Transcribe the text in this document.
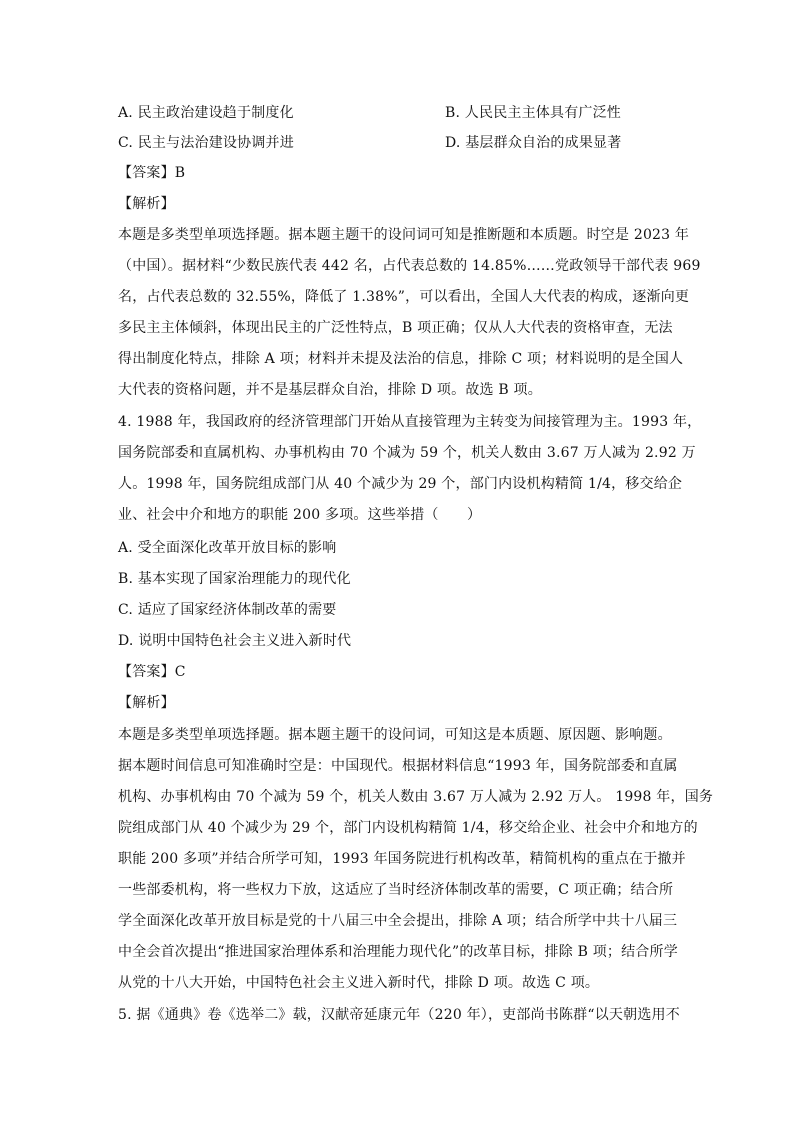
A. 民主政治建设趋于制度化	B. 人民民主主体具有广泛性
C. 民主与法治建设协调并进	D. 基层群众自治的成果显著
【答案】B
【解析】
本题是多类型单项选择题。据本题主题干的设问词可知是推断题和本质题。时空是 2023 年
（中国）。据材料“少数民族代表 442 名，占代表总数的 14.85%……党政领导干部代表 969
名，占代表总数的 32.55%，降低了 1.38%”，可以看出，全国人大代表的构成，逐渐向更
多民主主体倾斜，体现出民主的广泛性特点，B 项正确；仅从人大代表的资格审查，无法
得出制度化特点，排除 A 项；材料并未提及法治的信息，排除 C 项；材料说明的是全国人
大代表的资格问题，并不是基层群众自治，排除 D 项。故选 B 项。
4. 1988 年，我国政府的经济管理部门开始从直接管理为主转变为间接管理为主。1993 年，
国务院部委和直属机构、办事机构由 70 个减为 59 个，机关人数由 3.67 万人减为 2.92 万
人。1998 年，国务院组成部门从 40 个减少为 29 个，部门内设机构精简 1/4，移交给企
业、社会中介和地方的职能 200 多项。这些举措（　　）
A. 受全面深化改革开放目标的影响
B. 基本实现了国家治理能力的现代化
C. 适应了国家经济体制改革的需要
D. 说明中国特色社会主义进入新时代
【答案】C
【解析】
本题是多类型单项选择题。据本题主题干的设问词，可知这是本质题、原因题、影响题。
据本题时间信息可知准确时空是：中国现代。根据材料信息“1993 年，国务院部委和直属
机构、办事机构由 70 个减为 59 个，机关人数由 3.67 万人减为 2.92 万人。 1998 年，国务
院组成部门从 40 个减少为 29 个，部门内设机构精简 1/4，移交给企业、社会中介和地方的
职能 200 多项”并结合所学可知，1993 年国务院进行机构改革，精简机构的重点在于撤并
一些部委机构，将一些权力下放，这适应了当时经济体制改革的需要，C 项正确；结合所
学全面深化改革开放目标是党的十八届三中全会提出，排除 A 项；结合所学中共十八届三
中全会首次提出“推进国家治理体系和治理能力现代化”的改革目标，排除 B 项；结合所学
从党的十八大开始，中国特色社会主义进入新时代，排除 D 项。故选 C 项。
5. 据《通典》卷《选举二》载，汉献帝延康元年（220 年），吏部尚书陈群“以天朝选用不
